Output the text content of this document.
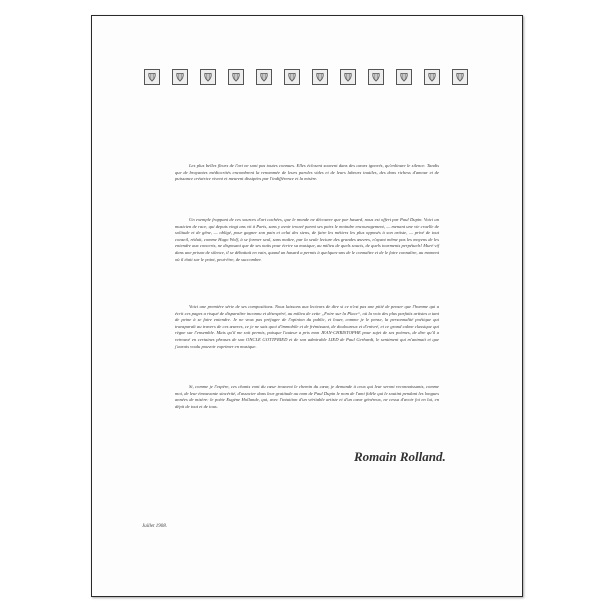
Les plus belles fleurs de l'art ne sont pas toutes connues. Elles éclosent souvent dans des cœurs ignorés, qu'enlinure le silence. Tandis que de bruyantes médiocrités encombrent la renommée de leurs paroles vides et de leurs labeurs inutiles, des dons richess d'amour et de puissance créatrice vivent et meurent dissipées par l'indifférence et la misère.

Un exemple frappant de ces sources d'art cachées, que le monde ne découvre que par hasard, nous est offert par Paul Dupin. Voici un musicien de race, qui depuis vingt ans vit à Paris, sans y avoir trouvé parmi ses pairs le moindre encouragement, — menant une vie cruelle de solitude et de gêne, — obligé, pour gagner son pain et celui des siens, de faire les métiers les plus opposés à son artiste, — privé de tout conseil, réduit, comme Hugo Wolf, à se former seul, sans maître, par la seule lecture des grandes œuvres, n'ayant même pas les moyens de les entendre aux concerts, ne disposant que de ses nuits pour écrire sa musique, au milieu de quels soucis, de quels tourments perpétuels! Muré vif dans une prison de silence, il se débattait en vain, quand un hasard a permis à quelques-uns de le connaître et de le faire connaître, au moment où il était sur le point, peut-être, de succomber.

Voici une première série de ses compositions. Nous laissons aux lecteurs de dire si ce n'est pas une pitié de penser que l'homme qui a écrit ces pages a risqué de disparaître inconnu et désespéré, au milieu de cette „Foire sur la Place“, où la voix des plus parfaits artistes a tant de peine à se faire entendre. Je ne veux pas préjuger de l'opinion du public, et louer, comme je le pense, la personnalité poétique qui transparaît au travers de ces œuvres, ce je ne sais quoi d'immobile et de frémissant, de douloureux et d'enivré, et ce grand calme classique qui règne sur l'ensemble. Mais qu'il me soit permis, puisque l'auteur a pris mon JEAN-CHRISTOPHE pour sujet de ses poèmes, de dire qu'il a retrouvé en certaines phrases de son ONCLE GOTTFRIED et de son admirable LIED de Paul Gerhardt, le sentiment qui m'animait et que j'aurais voulu pouvoir exprimer en musique.

Si, comme je l'espère, ces chants vont du cœur trouvent le chemin du cœur, je demande à ceux qui leur seront reconnaissants, comme moi, de leur émouvante sincérité, d'associer dans leur gratitude au nom de Paul Dupin le nom de l'ami fidèle qui le soutint pendant les longues années de misère: le poète Eugène Hollande, qui, avec l'intuition d'un véritable artiste et d'un cœur généreux, ne cessa d'avoir foi en lui, en dépit de tout et de tous.

Romain Rolland.

Juillet 1908.
